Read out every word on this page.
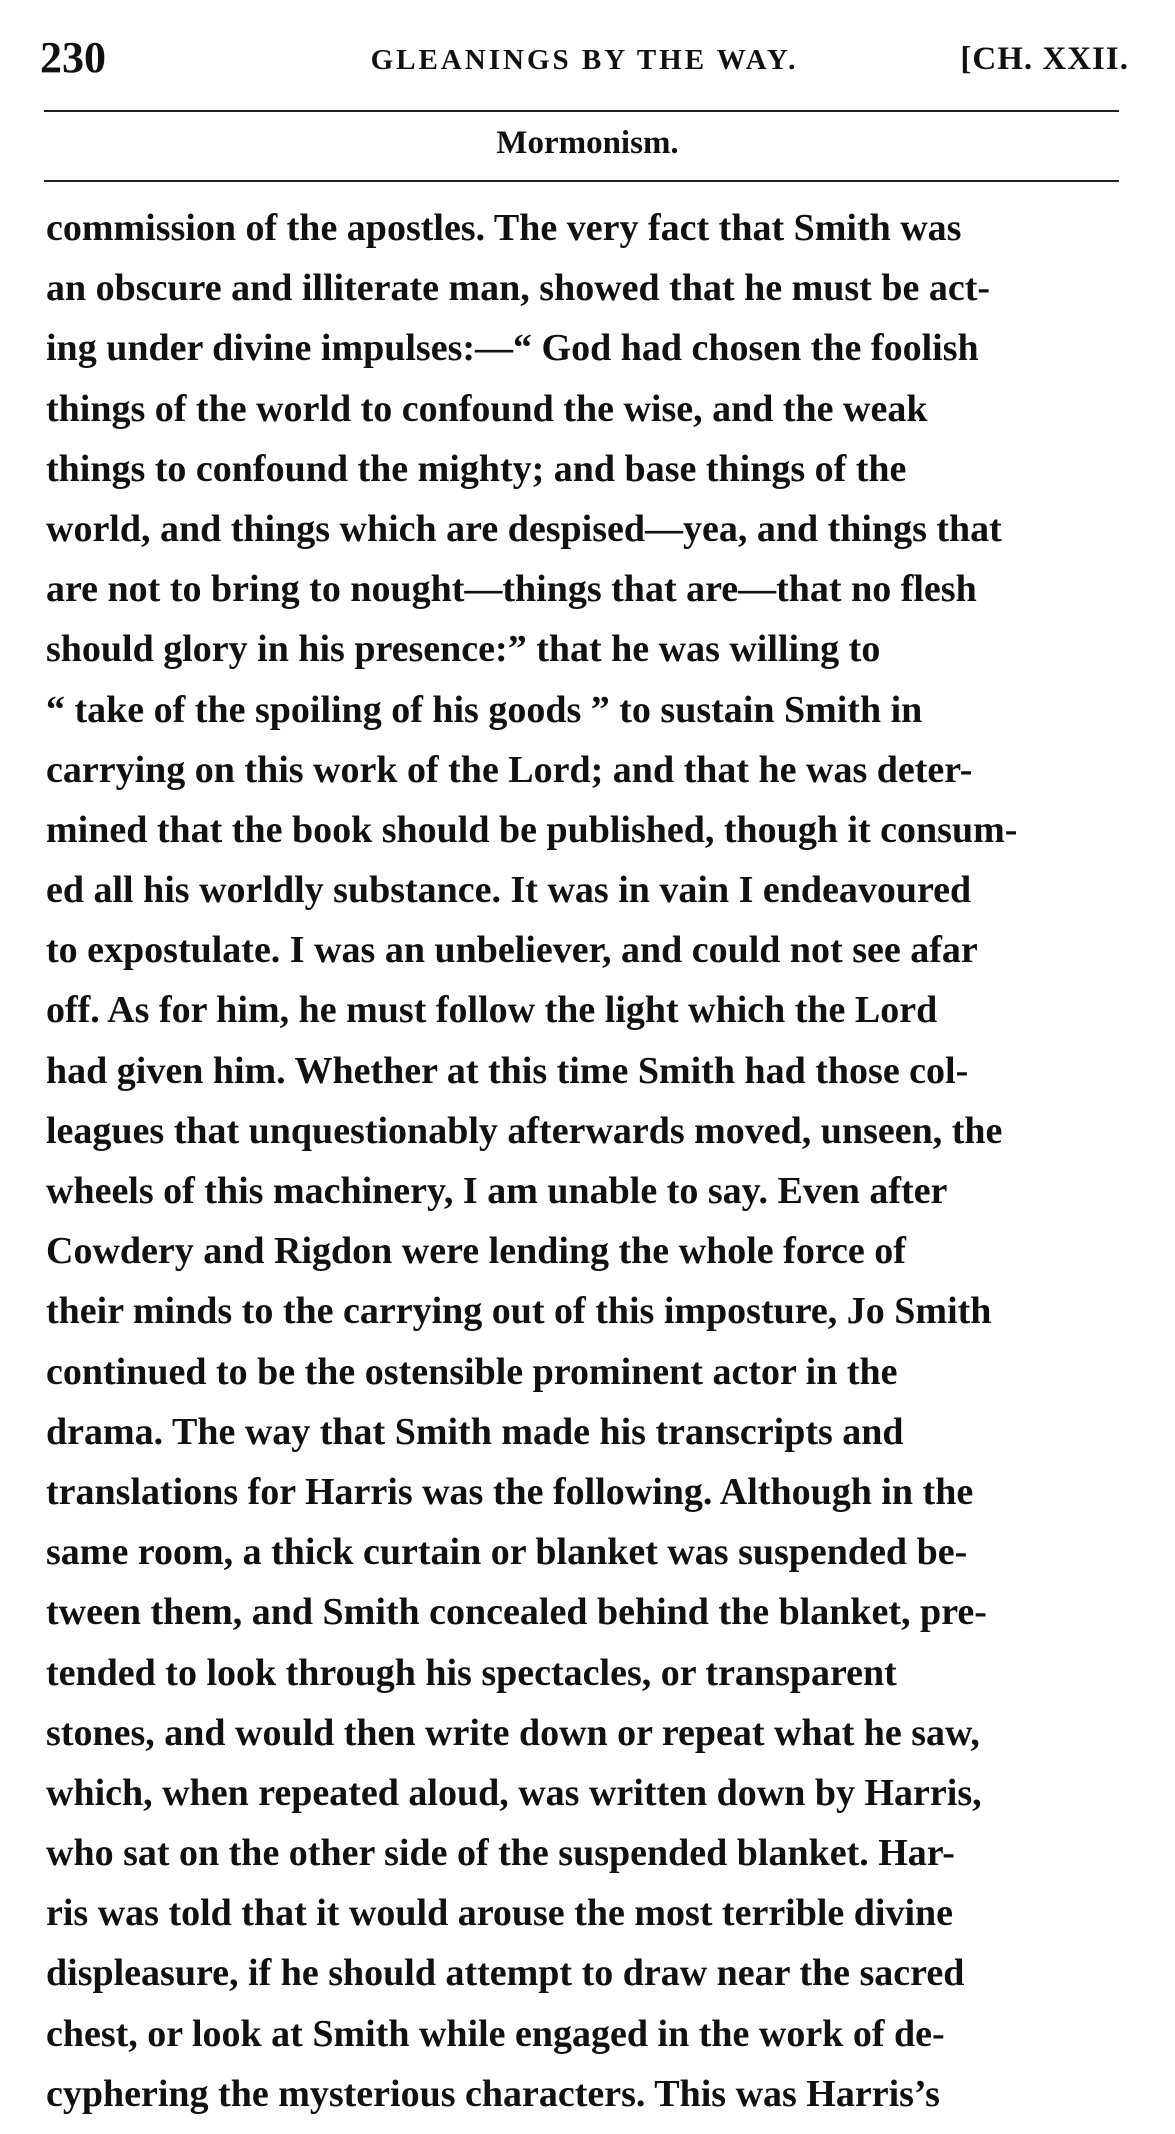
230	GLEANINGS BY THE WAY.	[CH. XXII.
Mormonism.
commission of the apostles. The very fact that Smith was
an obscure and illiterate man, showed that he must be act-
ing under divine impulses:—“ God had chosen the foolish
things of the world to confound the wise, and the weak
things to confound the mighty; and base things of the
world, and things which are despised—yea, and things that
are not to bring to nought—things that are—that no flesh
should glory in his presence:” that he was willing to
“ take of the spoiling of his goods ” to sustain Smith in
carrying on this work of the Lord; and that he was deter-
mined that the book should be published, though it consum-
ed all his worldly substance. It was in vain I endeavoured
to expostulate. I was an unbeliever, and could not see afar
off. As for him, he must follow the light which the Lord
had given him. Whether at this time Smith had those col-
leagues that unquestionably afterwards moved, unseen, the
wheels of this machinery, I am unable to say. Even after
Cowdery and Rigdon were lending the whole force of
their minds to the carrying out of this imposture, Jo Smith
continued to be the ostensible prominent actor in the
drama. The way that Smith made his transcripts and
translations for Harris was the following. Although in the
same room, a thick curtain or blanket was suspended be-
tween them, and Smith concealed behind the blanket, pre-
tended to look through his spectacles, or transparent
stones, and would then write down or repeat what he saw,
which, when repeated aloud, was written down by Harris,
who sat on the other side of the suspended blanket. Har-
ris was told that it would arouse the most terrible divine
displeasure, if he should attempt to draw near the sacred
chest, or look at Smith while engaged in the work of de-
cyphering the mysterious characters. This was Harris’s
